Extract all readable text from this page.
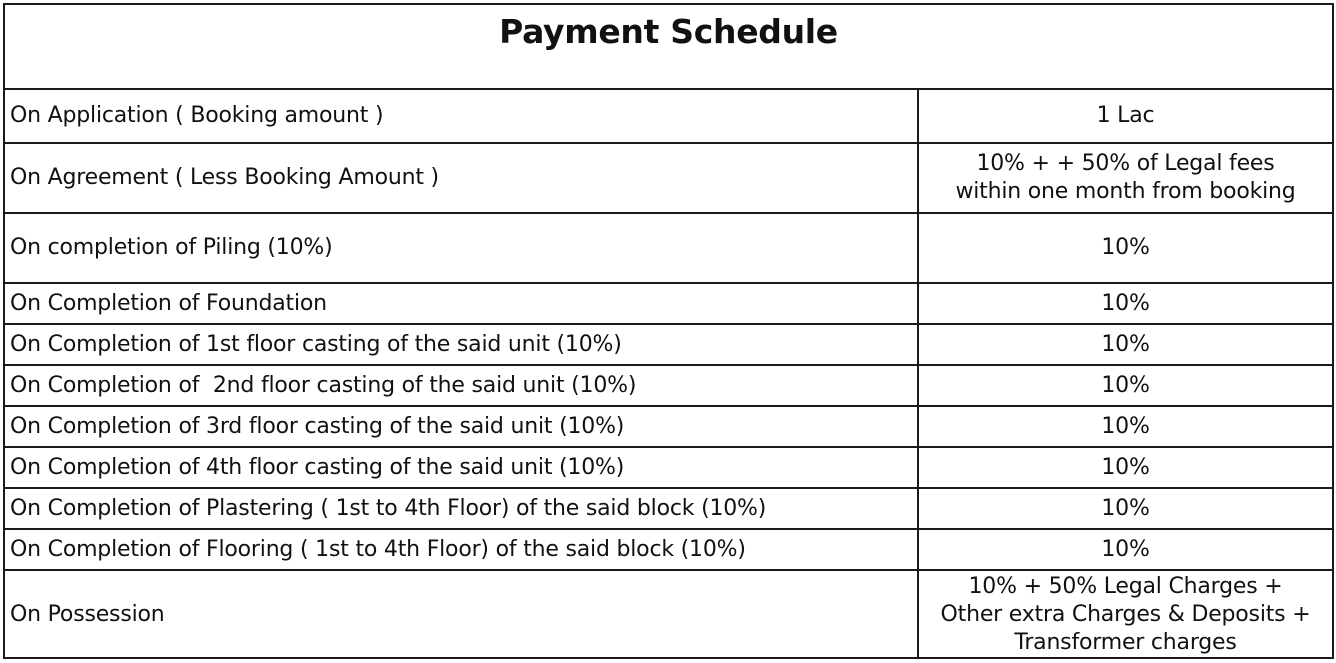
Payment Schedule
On Application ( Booking amount )	1 Lac
On Agreement ( Less Booking Amount )	10% + + 50% of Legal fees within one month from booking
On completion of Piling (10%)	10%
On Completion of Foundation	10%
On Completion of 1st floor casting of the said unit (10%)	10%
On Completion of  2nd floor casting of the said unit (10%)	10%
On Completion of 3rd floor casting of the said unit (10%)	10%
On Completion of 4th floor casting of the said unit (10%)	10%
On Completion of Plastering ( 1st to 4th Floor) of the said block (10%)	10%
On Completion of Flooring ( 1st to 4th Floor) of the said block (10%)	10%
On Possession	10% + 50% Legal Charges + Other extra Charges & Deposits + Transformer charges
